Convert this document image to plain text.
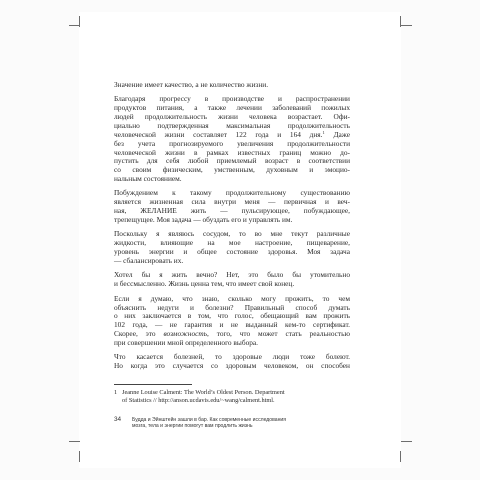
Значение имеет качество, а не количество жизни.

Благодаря прогрессу в производстве и распространении
продуктов питания, а также лечении заболеваний пожилых
людей продолжительность жизни человека возрастает. Офи-
циально подтвержденная максимальная продолжительность
человеческой жизни составляет 122 года и 164 дня.$^1$ Даже
без учета прогнозируемого увеличения продолжительности
человеческой жизни в рамках известных границ можно до-
пустить для себя любой приемлемый возраст в соответствии
со своим физическим, умственным, духовным и эмоцио-
нальным состоянием.

Побуждением к такому продолжительному существованию
является жизненная сила внутри меня — первичная и веч-
ная, ЖЕЛАНИЕ жить — пульсирующее, побуждающее,
трепещущее. Моя задача — обуздать его и управлять им.

Поскольку я являюсь сосудом, то во мне текут различные
жидкости, влияющие на мое настроение, пищеварение,
уровень энергии и общее состояние здоровья. Моя задача
— сбалансировать их.

Хотел бы я жить вечно? Нет, это было бы утомительно
и бессмысленно. Жизнь ценна тем, что имеет свой конец.

Если я думаю, что знаю, сколько могу прожить, то чем
объяснить недуги и болезни? Правильный способ думать
о них заключается в том, что голос, обещающий вам прожить
102 года, — не гарантия и не выданный кем-то сертификат.
Скорее, это возможность, того, что может стать реальностью
при совершении мной определенного выбора.

Что касается болезней, то здоровые люди тоже болеют.
Но когда это случается со здоровым человеком, он способен

1 Jeanne Louise Calment: The World’s Oldest Person. Department
of Statistics // http://anson.ucdavis.edu/~wang/calment.html.
34 Будда и Эйнштейн зашли в бар. Как современные исследования
мозга, тела и энергии помогут вам продлить жизнь
